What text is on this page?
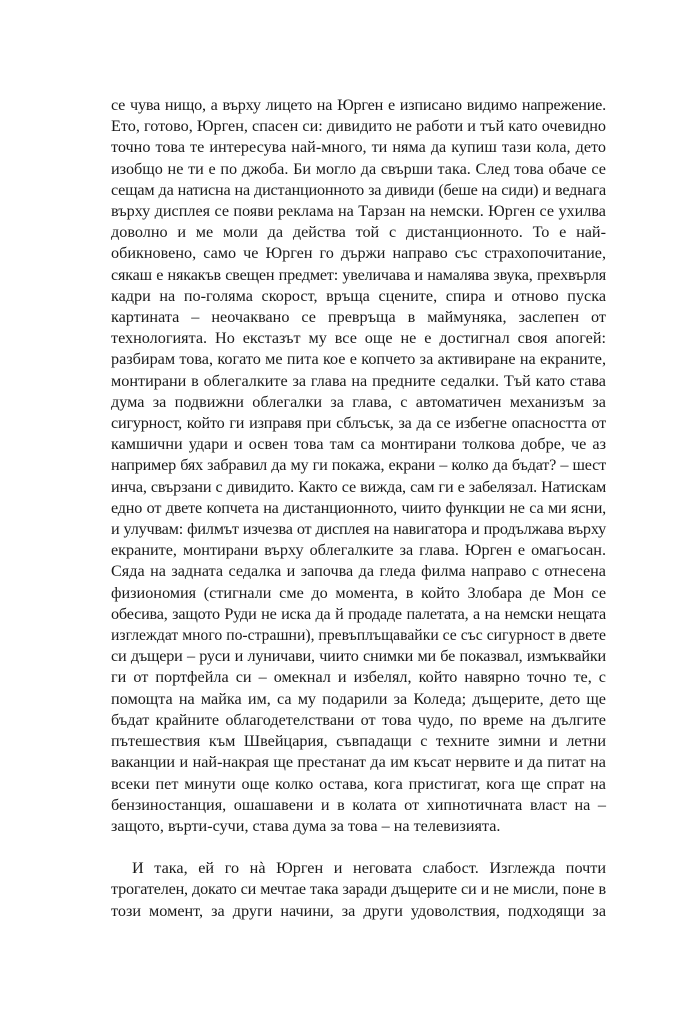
се чува нищо, а върху лицето на Юрген е изписано видимо напрежение.
Ето, готово, Юрген, спасен си: дивидито не работи и тъй като очевидно
точно това те интересува най-много, ти няма да купиш тази кола, дето
изобщо не ти е по джоба. Би могло да свърши така. След това обаче се
сещам да натисна на дистанционното за дивиди (беше на сиди) и веднага
върху дисплея се появи реклама на Тарзан на немски. Юрген се ухилва
доволно и ме моли да действа той с дистанционното. То е най-
обикновено, само че Юрген го държи направо със страхопочитание,
сякаш е някакъв свещен предмет: увеличава и намалява звука, прехвърля
кадри на по-голяма скорост, връща сцените, спира и отново пуска
картината – неочаквано се превръща в маймуняка, заслепен от
технологията. Но екстазът му все още не е достигнал своя апогей:
разбирам това, когато ме пита кое е копчето за активиране на екраните,
монтирани в облегалките за глава на предните седалки. Тъй като става
дума за подвижни облегалки за глава, с автоматичен механизъм за
сигурност, който ги изправя при сблъсък, за да се избегне опасността от
камшични удари и освен това там са монтирани толкова добре, че аз
например бях забравил да му ги покажа, екрани – колко да бъдат? – шест
инча, свързани с дивидито. Както се вижда, сам ги е забелязал. Натискам
едно от двете копчета на дистанционното, чиито функции не са ми ясни,
и улучвам: филмът изчезва от дисплея на навигатора и продължава върху
екраните, монтирани върху облегалките за глава. Юрген е омагьосан.
Сяда на задната седалка и започва да гледа филма направо с отнесена
физиономия (стигнали сме до момента, в който Злобара де Мон се
обесива, защото Руди не иска да й продаде палетата, а на немски нещата
изглеждат много по-страшни), превъплъщавайки се със сигурност в двете
си дъщери – руси и луничави, чиито снимки ми бе показвал, измъквайки
ги от портфейла си – омекнал и избелял, който навярно точно те, с
помощта на майка им, са му подарили за Коледа; дъщерите, дето ще
бъдат крайните облагодетелствани от това чудо, по време на дългите
пътешествия към Швейцария, съвпадащи с техните зимни и летни
ваканции и най-накрая ще престанат да им късат нервите и да питат на
всеки пет минути още колко остава, кога пристигат, кога ще спрат на
бензиностанция, ошашавени и в колата от хипнотичната власт на –
защото, върти-сучи, става дума за това – на телевизията.

И така, ей го нà Юрген и неговата слабост. Изглежда почти
трогателен, докато си мечтае така заради дъщерите си и не мисли, поне в
този момент, за други начини, за други удоволствия, подходящи за
